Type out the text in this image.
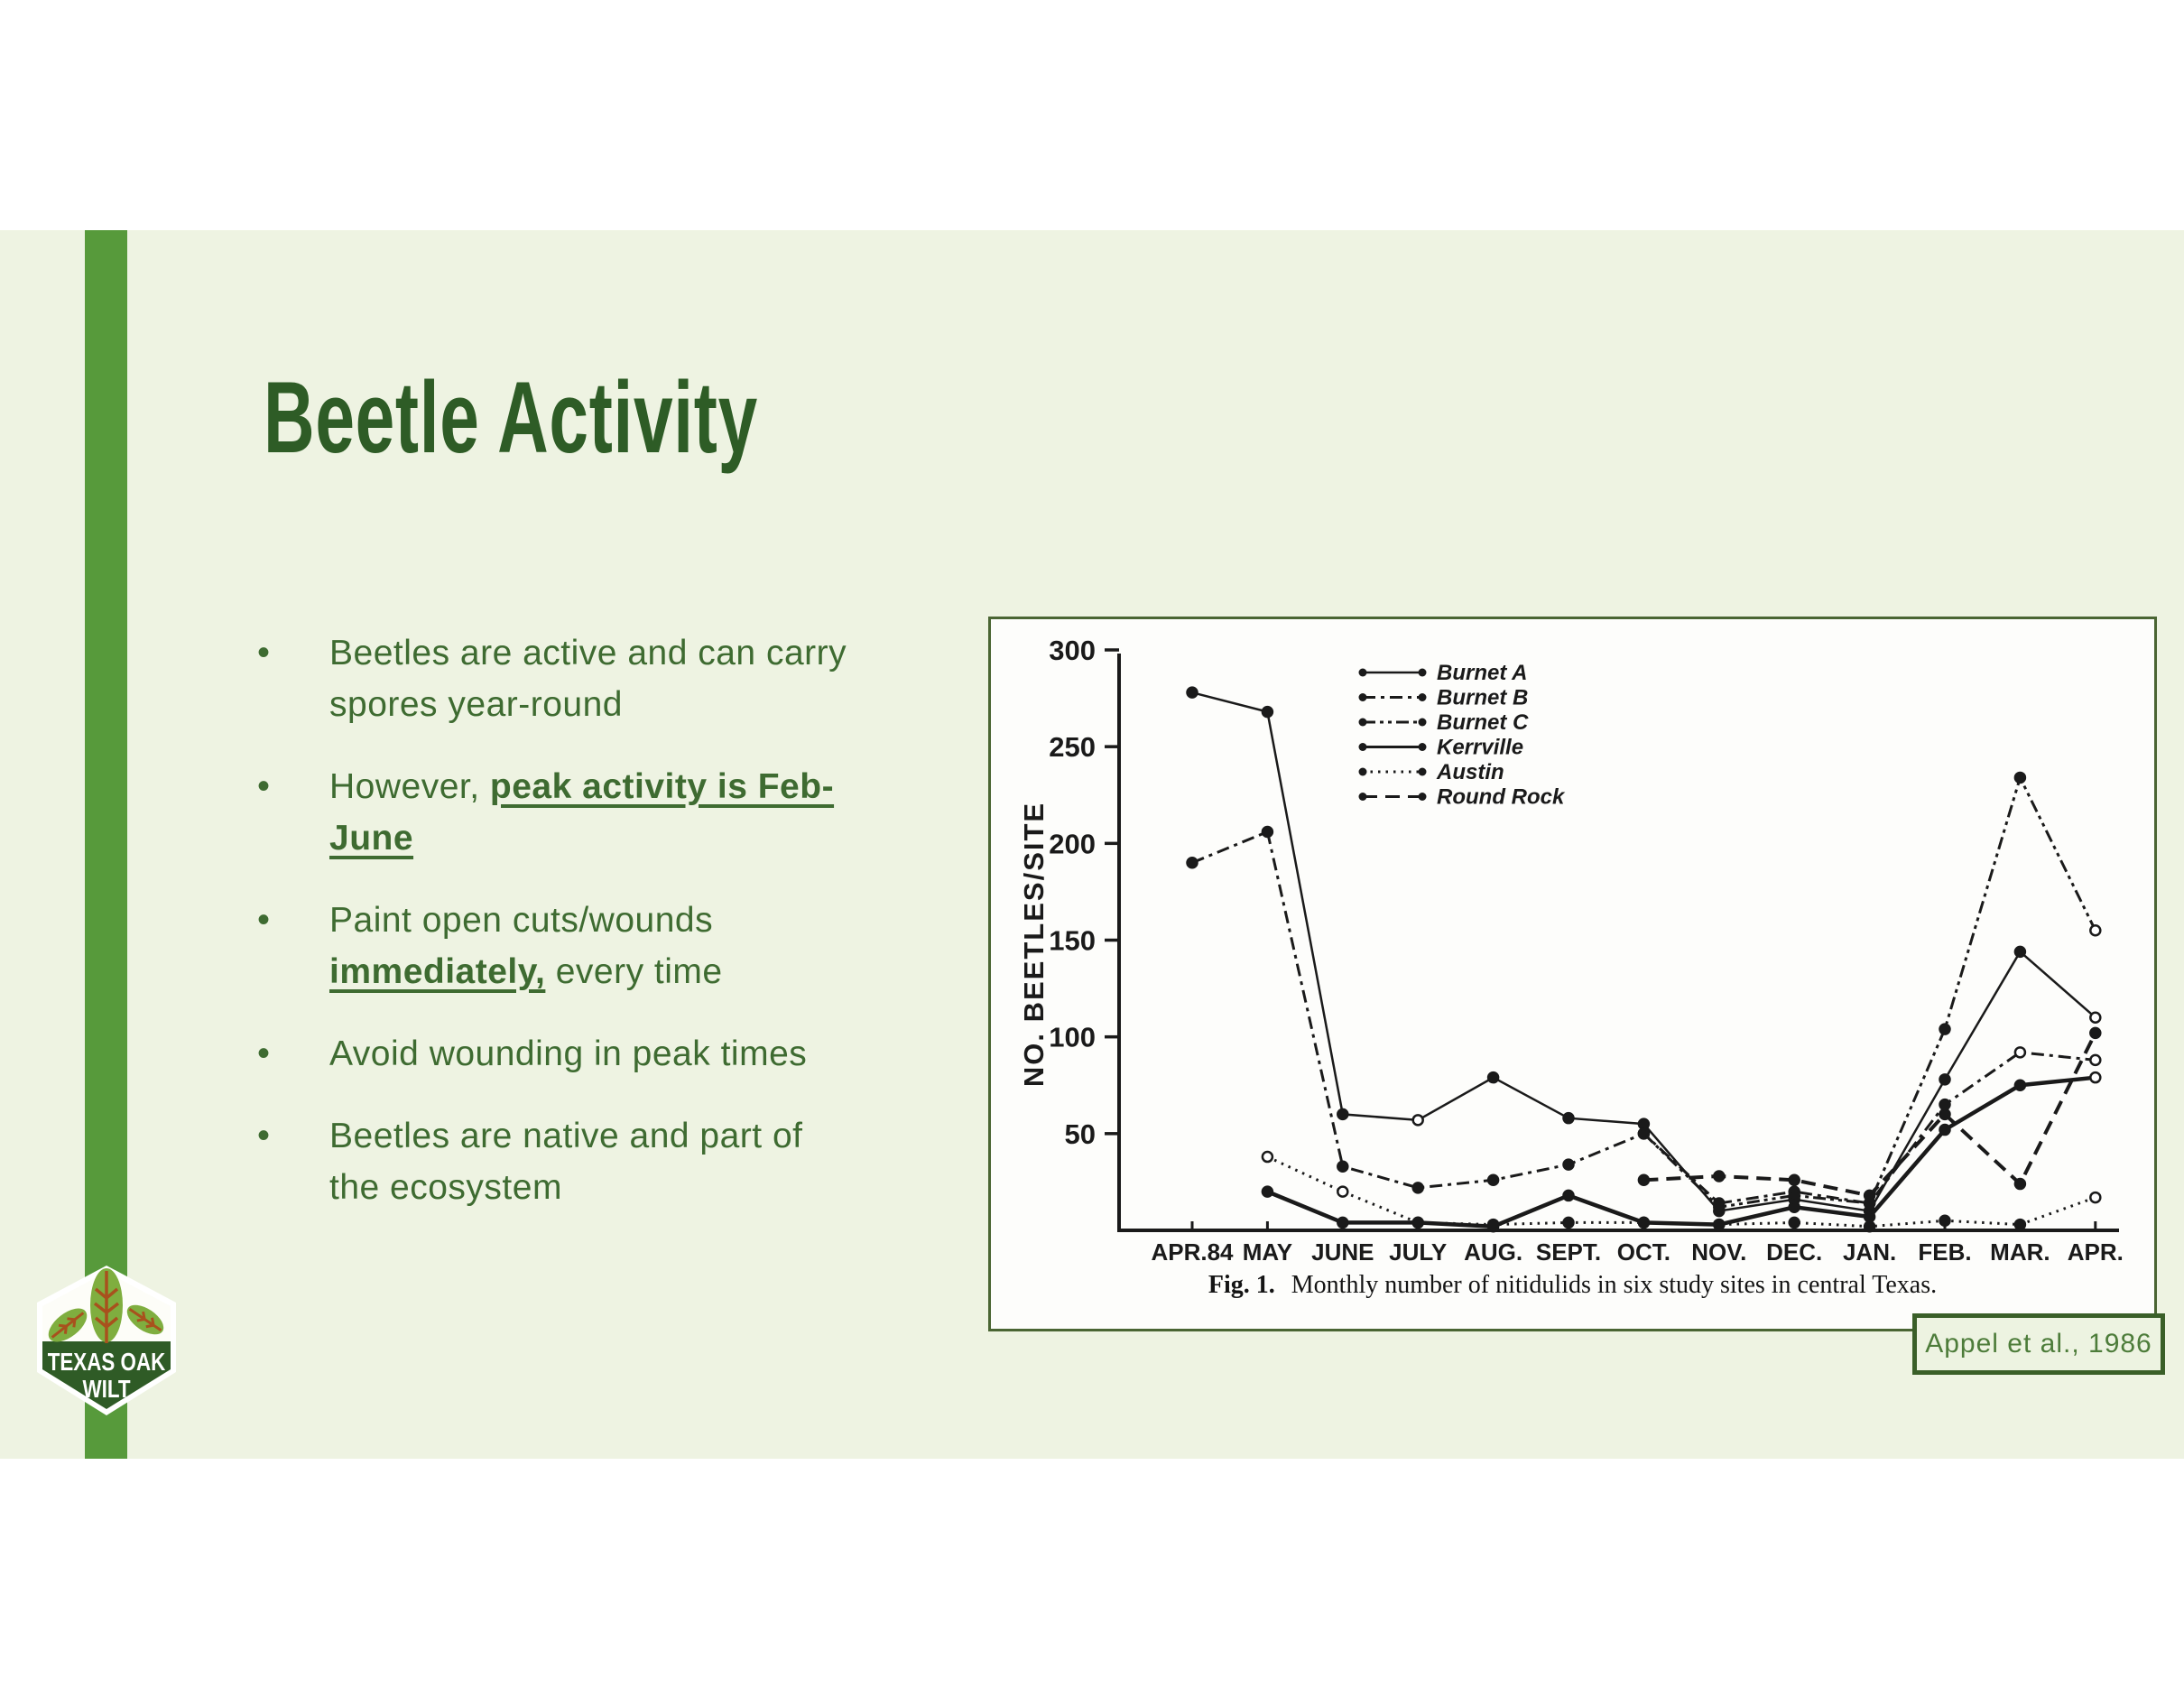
Beetle Activity
•	Beetles are active and can carry
spores year-round

•	However, peak activity is Feb-
June

•	Paint open cuts/wounds
immediately, every time

•	Avoid wounding in peak times

•	Beetles are native and part of
the ecosystem

300
250
200
150
100
50
APR.84 MAY JUNE JULY AUG. SEPT. OCT. NOV. DEC. JAN. FEB. MAR. APR.
NO. BEETLES/SITE
Burnet A
Burnet B
Burnet C
Kerrville
Austin
Round Rock
Fig. 1. Monthly number of nitidulids in six study sites in central Texas.
Appel et al., 1986
TEXAS OAK
WILT
